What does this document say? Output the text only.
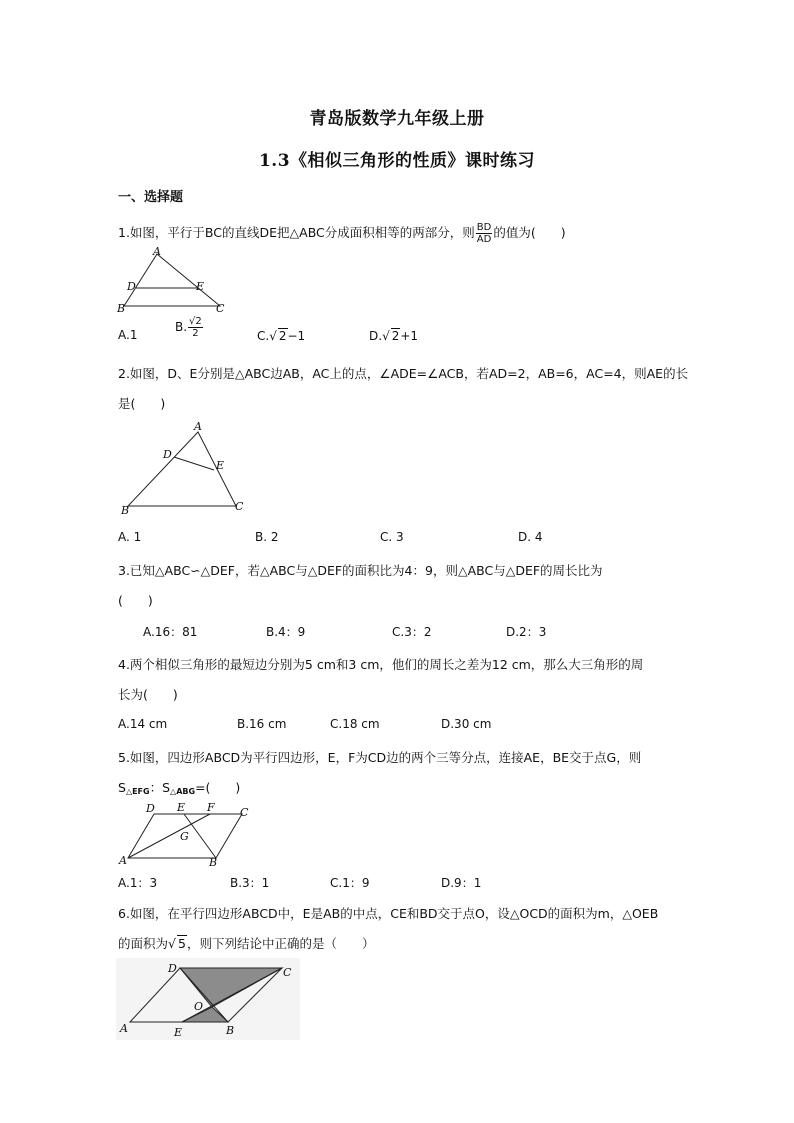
青岛版数学九年级上册
1.3《相似三角形的性质》课时练习
一、选择题
1.如图，平行于BC的直线DE把△ABC分成面积相等的两部分，则 $\frac{BD}{AD}$ 的值为(　　)
A
D	E
B	C
A.1
B. $\frac{√2}{2}$	C.√ 2−1	D.√ 2+1
2.如图，D、E分别是△ABC边AB，AC上的点，∠ADE=∠ACB，若AD=2，AB=6，AC=4，则AE的长
是(　　)
A
D
E
B	C
A. 1	B. 2	C. 3	D. 4
3.已知△ABC∽△DEF，若△ABC与△DEF的面积比为4：9，则△ABC与△DEF的周长比为
(　　)
A.16：81	B.4：9	C.3：2	D.2：3
4.两个相似三角形的最短边分别为5 cm和3 cm，他们的周长之差为12 cm，那么大三角形的周
长为(　　)
A.14 cm	B.16 cm	C.18 cm	D.30 cm
5.如图，四边形ABCD为平行四边形，E，F为CD边的两个三等分点，连接AE，BE交于点G，则
$S_{\triangle EFG}$：$S_{\triangle ABG}=$(　　)
D E F C
G
A	B
A.1：3	B.3：1	C.1：9	D.9：1
6.如图，在平行四边形ABCD中，E是AB的中点，CE和BD交于点O，设△OCD的面积为m，△OEB
的面积为√ 5，则下列结论中正确的是（　　）
D	C
O
A	E	B
